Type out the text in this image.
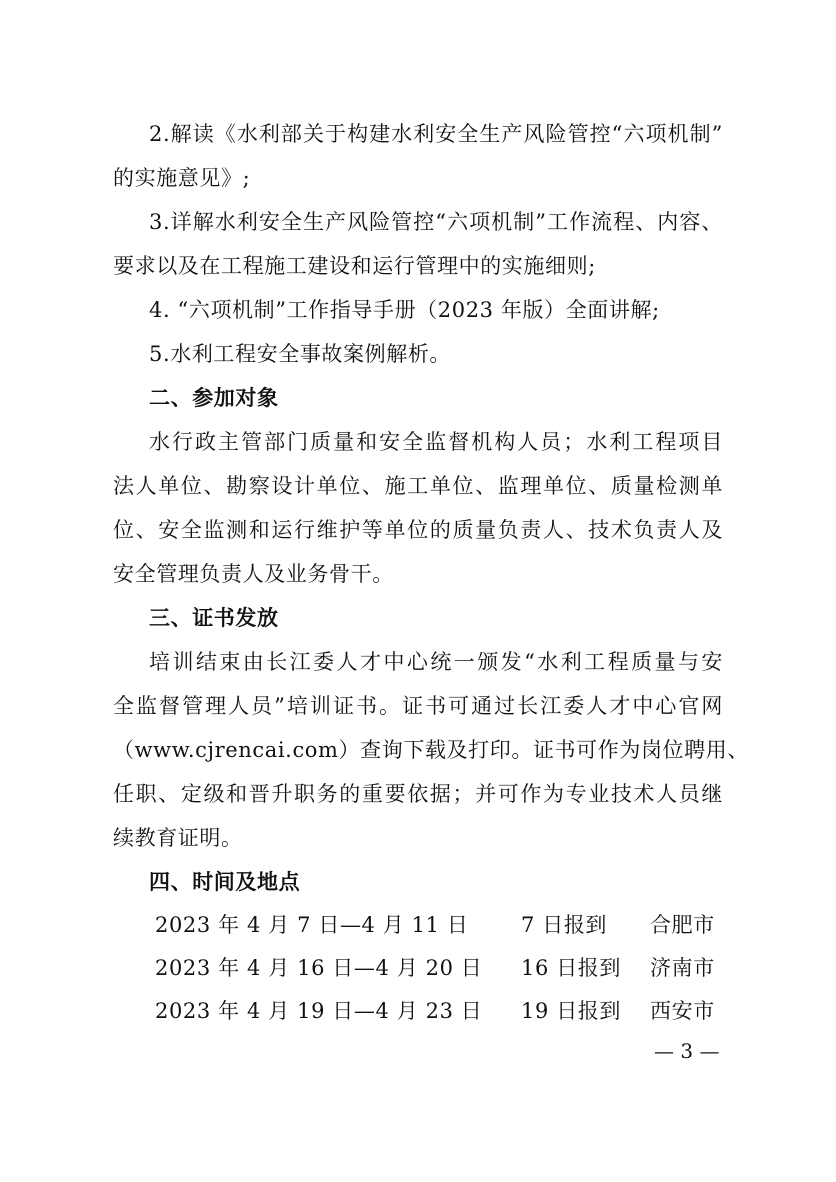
2.解读《水利部关于构建水利安全生产风险管控“六项机制”
的实施意见》;
3.详解水利安全生产风险管控“六项机制”工作流程、内容、
要求以及在工程施工建设和运行管理中的实施细则;
4. “六项机制”工作指导手册（2023 年版）全面讲解;
5.水利工程安全事故案例解析。
二、参加对象
水行政主管部门质量和安全监督机构人员；水利工程项目
法人单位、勘察设计单位、施工单位、监理单位、质量检测单
位、安全监测和运行维护等单位的质量负责人、技术负责人及
安全管理负责人及业务骨干。
三、证书发放
培训结束由长江委人才中心统一颁发“水利工程质量与安
全监督管理人员”培训证书。证书可通过长江委人才中心官网
（www.cjrencai.com）查询下载及打印。证书可作为岗位聘用、
任职、定级和晋升职务的重要依据；并可作为专业技术人员继
续教育证明。
四、时间及地点
2023 年 4 月 7 日—4 月 11 日	7 日报到 合肥市
2023 年 4 月 16 日—4 月 20 日 16 日报到 济南市
2023 年 4 月 19 日—4 月 23 日 19 日报到 西安市
— 3 —
